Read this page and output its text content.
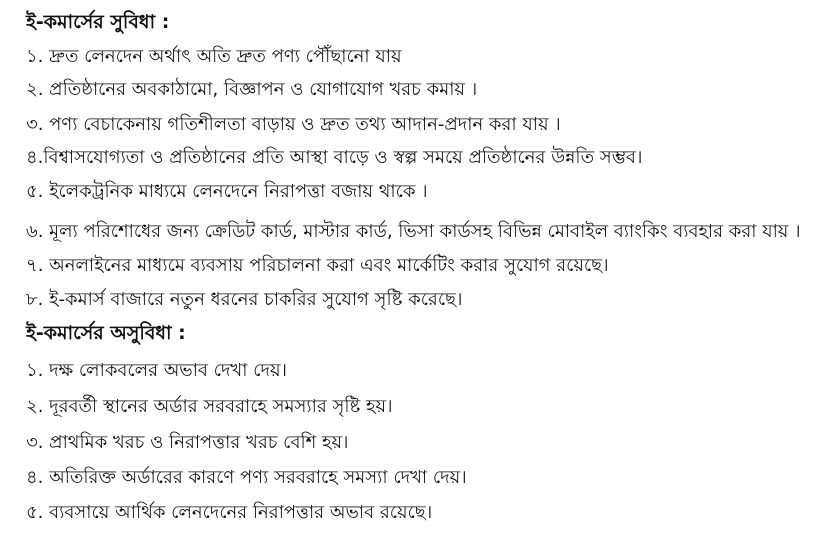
ই-কমার্সের সুবিধা :
১. দ্রুত লেনদেন অর্থাৎ অতি দ্রুত পণ্য পৌঁছানো যায়
২. প্রতিষ্ঠানের অবকাঠামো, বিজ্ঞাপন ও যোগাযোগ খরচ কমায় ।
৩. পণ্য বেচাকেনায় গতিশীলতা বাড়ায় ও দ্রুত তথ্য আদান-প্রদান করা যায় ।
৪.বিশ্বাসযোগ্যতা ও প্রতিষ্ঠানের প্রতি আস্থা বাড়ে ও স্বল্প সময়ে প্রতিষ্ঠানের উন্নতি সম্ভব।
৫. ইলেকট্রনিক মাধ্যমে লেনদেনে নিরাপত্তা বজায় থাকে ।
৬. মূল্য পরিশোধের জন্য ক্রেডিট কার্ড, মাস্টার কার্ড, ভিসা কার্ডসহ বিভিন্ন মোবাইল ব্যাংকিং ব্যবহার করা যায় ।
৭. অনলাইনের মাধ্যমে ব্যবসায় পরিচালনা করা এবং মার্কেটিং করার সুযোগ রয়েছে।
৮. ই-কমার্স বাজারে নতুন ধরনের চাকরির সুযোগ সৃষ্টি করেছে।
ই-কমার্সের অসুবিধা :
১. দক্ষ লোকবলের অভাব দেখা দেয়।
২. দূরবর্তী স্থানের অর্ডার সরবরাহে সমস্যার সৃষ্টি হয়।
৩. প্রাথমিক খরচ ও নিরাপত্তার খরচ বেশি হয়।
৪. অতিরিক্ত অর্ডারের কারণে পণ্য সরবরাহে সমস্যা দেখা দেয়।
৫. ব্যবসায়ে আর্থিক লেনদেনের নিরাপত্তার অভাব রয়েছে।
